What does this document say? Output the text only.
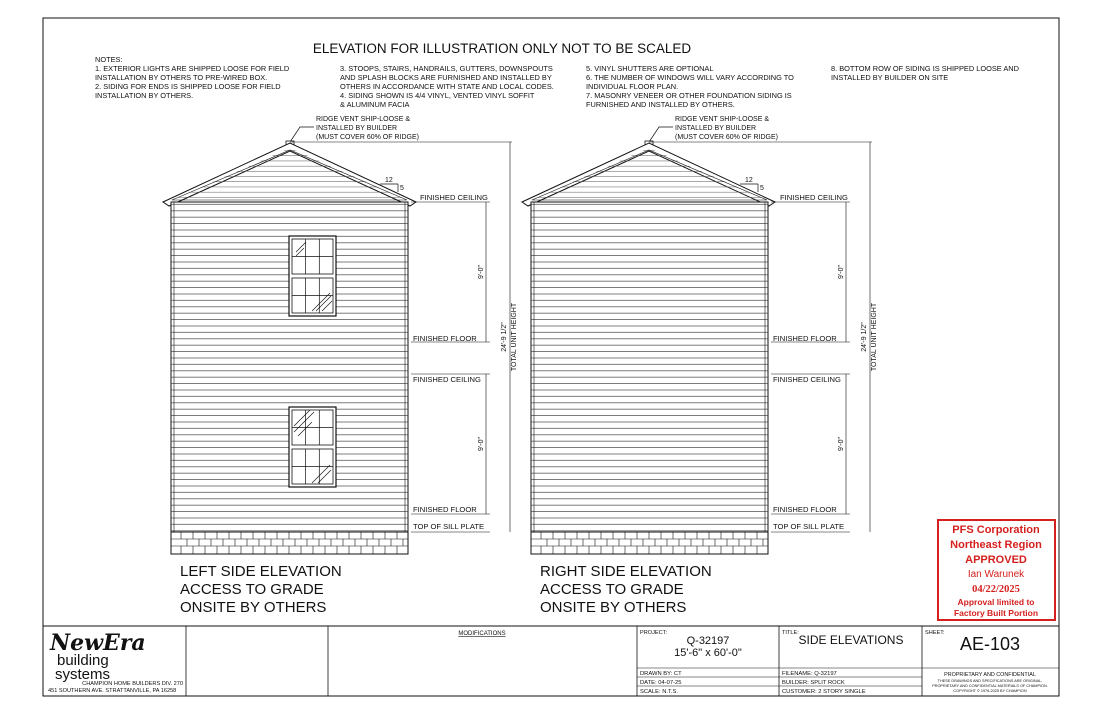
ELEVATION FOR ILLUSTRATION ONLY NOT TO BE SCALED
NOTES:
1. EXTERIOR LIGHTS ARE SHIPPED LOOSE FOR FIELD
INSTALLATION BY OTHERS TO PRE-WIRED BOX.
2. SIDING FOR ENDS IS SHIPPED LOOSE FOR FIELD
INSTALLATION BY OTHERS.
3. STOOPS, STAIRS, HANDRAILS, GUTTERS, DOWNSPOUTS
AND SPLASH BLOCKS ARE FURNISHED AND INSTALLED BY
OTHERS IN ACCORDANCE WITH STATE AND LOCAL CODES.
4. SIDING SHOWN IS 4/4 VINYL, VENTED VINYL SOFFIT
& ALUMINUM FACIA
5. VINYL SHUTTERS ARE OPTIONAL
6. THE NUMBER OF WINDOWS WILL VARY ACCORDING TO
INDIVIDUAL FLOOR PLAN.
7. MASONRY VENEER OR OTHER FOUNDATION SIDING IS
FURNISHED AND INSTALLED BY OTHERS.
8. BOTTOM ROW OF SIDING IS SHIPPED LOOSE AND
INSTALLED BY BUILDER ON SITE
RIDGE VENT SHIP-LOOSE &
INSTALLED BY BUILDER
(MUST COVER 60% OF RIDGE)
12
5
FINISHED CEILING
FINISHED FLOOR
FINISHED CEILING
FINISHED FLOOR
TOP OF SILL PLATE
9'-0"
9'-0"
24'-9 1/2" TOTAL UNIT HEIGHT
RIDGE VENT SHIP-LOOSE &
INSTALLED BY BUILDER
(MUST COVER 60% OF RIDGE)
12
5
FINISHED CEILING
FINISHED FLOOR
FINISHED CEILING
FINISHED FLOOR
TOP OF SILL PLATE
9'-0"
9'-0"
24'-9 1/2" TOTAL UNIT HEIGHT
LEFT SIDE ELEVATION
ACCESS TO GRADE
ONSITE BY OTHERS
RIGHT SIDE ELEVATION
ACCESS TO GRADE
ONSITE BY OTHERS
PFS Corporation
Northeast Region
APPROVED
Ian Warunek
04/22/2025
Approval limited to
Factory Built Portion
NewEra
building
systems
CHAMPION HOME BUILDERS DIV. 270
451 SOUTHERN AVE. STRATTANVILLE, PA 16258
MODIFICATIONS	PROJECT:
Q-32197
15'-6" x 60'-0"
DRAWN BY: CT
DATE: 04-07-25
SCALE: N.T.S.
TITLE: SIDE ELEVATIONS
FILENAME: Q-32197
BUILDER: SPLIT ROCK
CUSTOMER: 2 STORY SINGLE
SHEET:
AE-103
PROPRIETARY AND CONFIDENTIAL
THESE DRAWINGS AND SPECIFICATIONS ARE ORIGINAL,
PROPRIETARY AND CONFIDENTIAL MATERIALS OF CHAMPION.
COPYRIGHT © 1976-2025 BY CHAMPION
